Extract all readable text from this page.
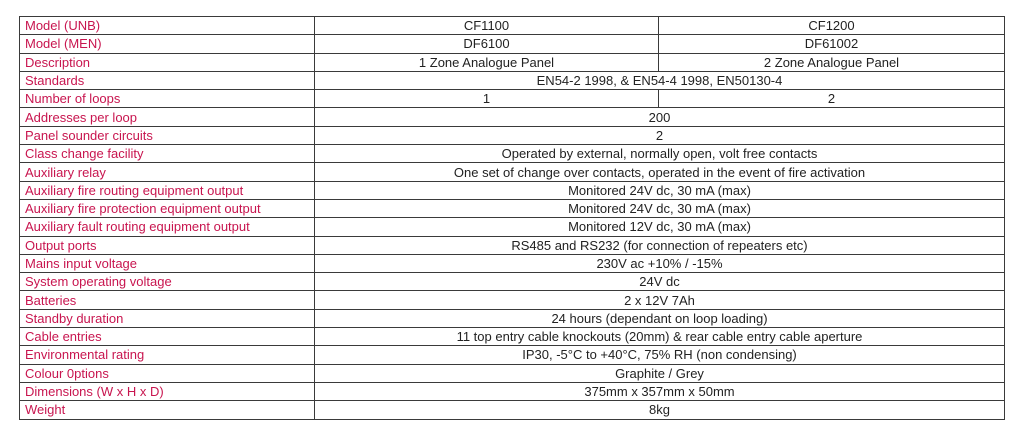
Model (UNB)	CF1100	CF1200
Model (MEN)	DF6100	DF61002
Description	1 Zone Analogue Panel	2 Zone Analogue Panel
Standards	EN54-2 1998, & EN54-4 1998, EN50130-4	
Number of loops	1	2
Addresses per loop	200	
Panel sounder circuits	2	
Class change facility	Operated by external, normally open, volt free contacts	
Auxiliary relay	One set of change over contacts, operated in the event of fire activation	
Auxiliary fire routing equipment output	Monitored 24V dc, 30 mA (max)	
Auxiliary fire protection equipment output	Monitored 24V dc, 30 mA (max)	
Auxiliary fault routing equipment output	Monitored 12V dc, 30 mA (max)	
Output ports	RS485 and RS232 (for connection of repeaters etc)	
Mains input voltage	230V ac +10% / -15%	
System operating voltage	24V dc	
Batteries	2 x 12V 7Ah	
Standby duration	24 hours (dependant on loop loading)	
Cable entries	11 top entry cable knockouts (20mm) & rear cable entry cable aperture	
Environmental rating	IP30, -5°C to +40°C, 75% RH (non condensing)	
Colour 0ptions	Graphite / Grey	
Dimensions (W x H x D)	375mm x 357mm x 50mm	
Weight	8kg	
